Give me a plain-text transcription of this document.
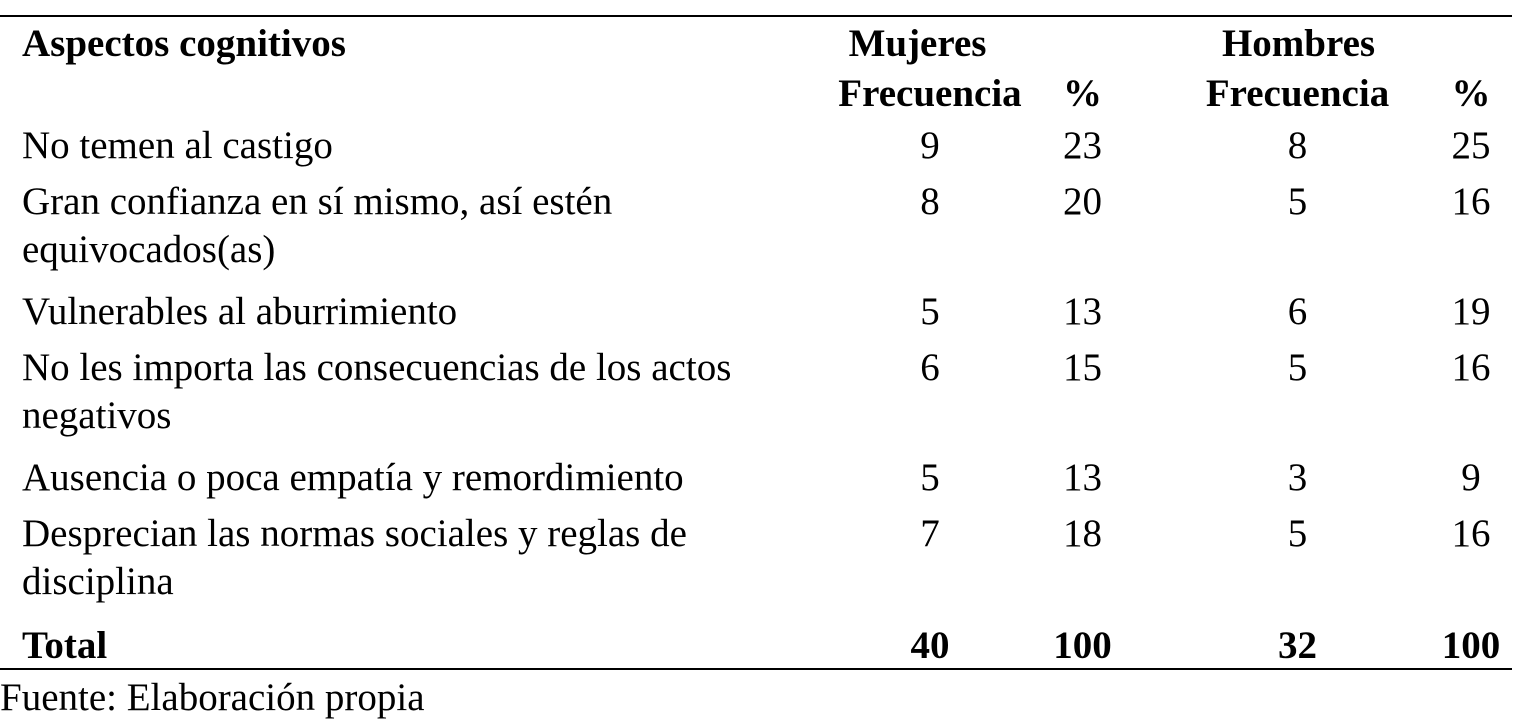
Aspectos cognitivos	Mujeres		Hombres	
	Frecuencia	%	Frecuencia	%
No temen al castigo	9	23	8	25
Gran confianza en sí mismo, así estén equivocados(as)	8	20	5	16
Vulnerables al aburrimiento	5	13	6	19
No les importa las consecuencias de los actos negativos	6	15	5	16
Ausencia o poca empatía y remordimiento	5	13	3	9
Desprecian las normas sociales y reglas de disciplina	7	18	5	16
Total	40	100	32	100
Fuente: Elaboración propia
